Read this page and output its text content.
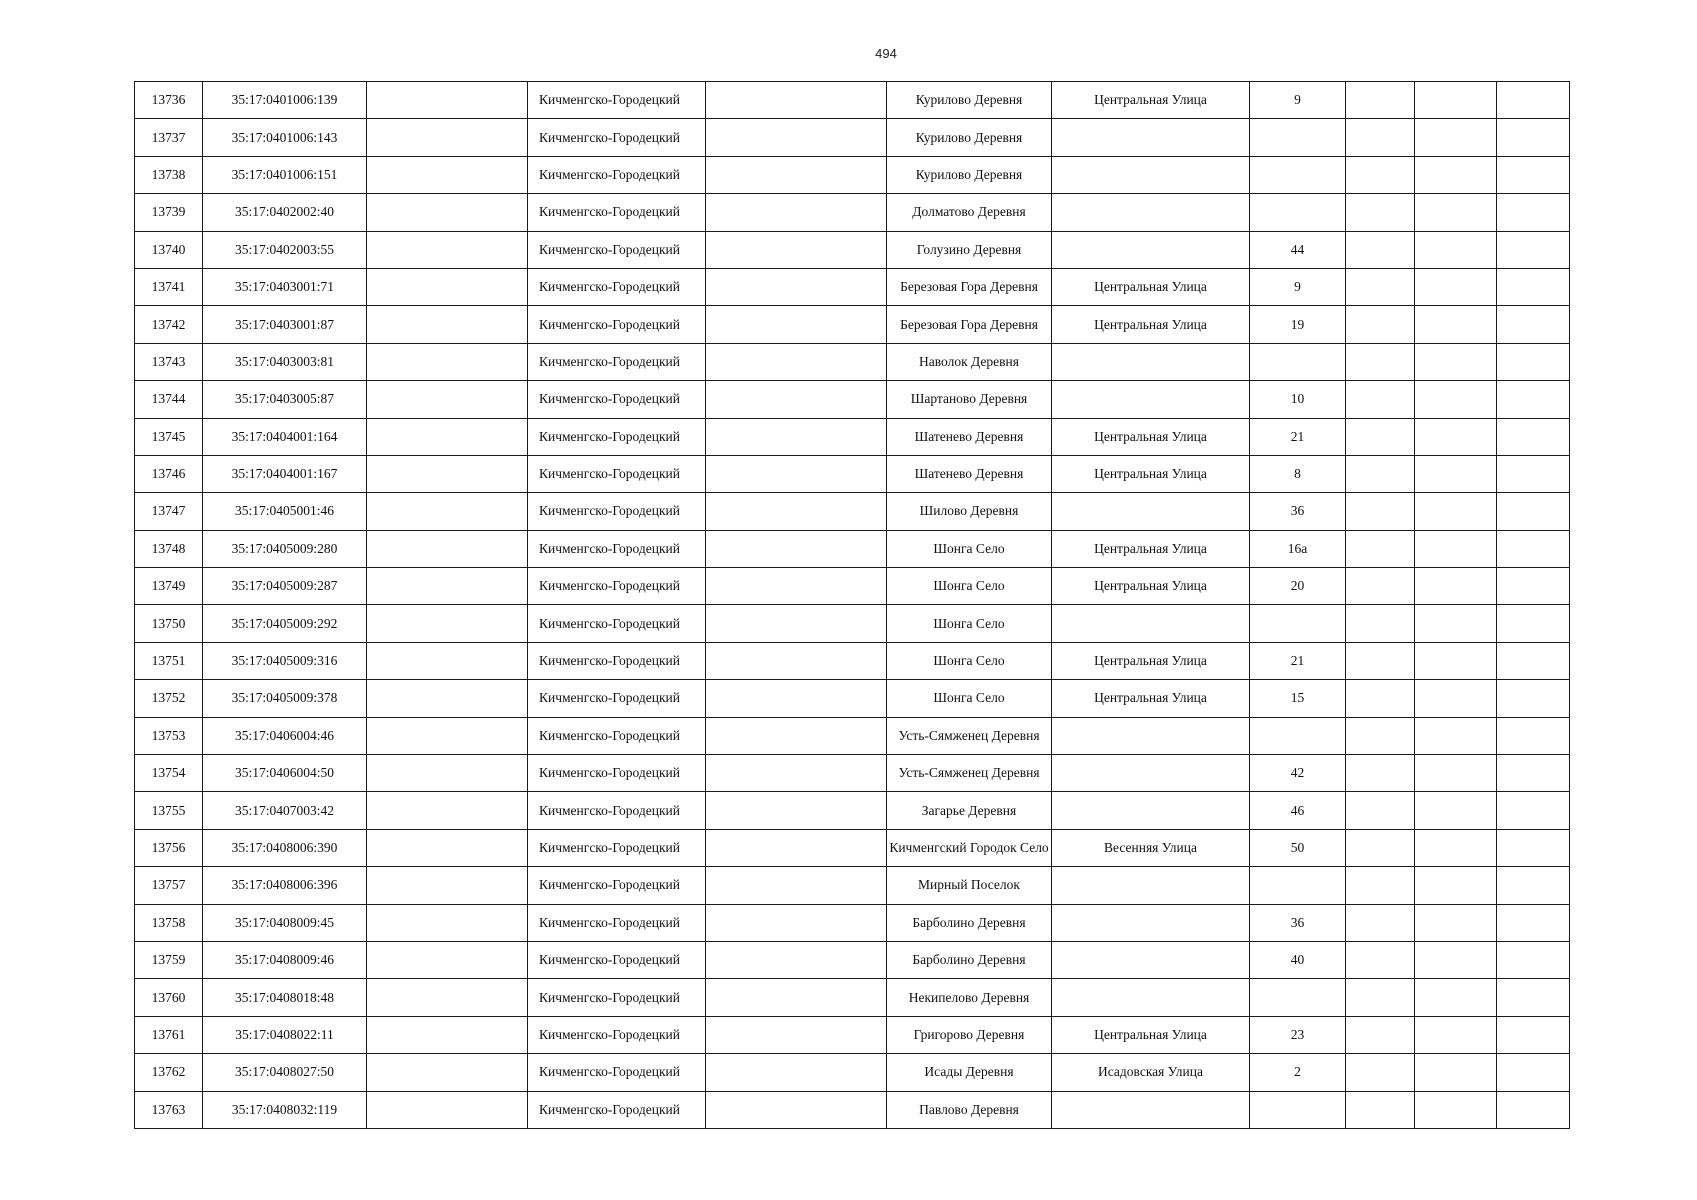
494
13736	35:17:0401006:139		Кичменгско-Городецкий		Курилово Деревня	Центральная Улица	9			
13737	35:17:0401006:143		Кичменгско-Городецкий		Курилово Деревня					
13738	35:17:0401006:151		Кичменгско-Городецкий		Курилово Деревня					
13739	35:17:0402002:40		Кичменгско-Городецкий		Долматово Деревня					
13740	35:17:0402003:55		Кичменгско-Городецкий		Голузино Деревня		44			
13741	35:17:0403001:71		Кичменгско-Городецкий		Березовая Гора Деревня	Центральная Улица	9			
13742	35:17:0403001:87		Кичменгско-Городецкий		Березовая Гора Деревня	Центральная Улица	19			
13743	35:17:0403003:81		Кичменгско-Городецкий		Наволок Деревня					
13744	35:17:0403005:87		Кичменгско-Городецкий		Шартаново Деревня		10			
13745	35:17:0404001:164		Кичменгско-Городецкий		Шатенево Деревня	Центральная Улица	21			
13746	35:17:0404001:167		Кичменгско-Городецкий		Шатенево Деревня	Центральная Улица	8			
13747	35:17:0405001:46		Кичменгско-Городецкий		Шилово Деревня		36			
13748	35:17:0405009:280		Кичменгско-Городецкий		Шонга Село	Центральная Улица	16а			
13749	35:17:0405009:287		Кичменгско-Городецкий		Шонга Село	Центральная Улица	20			
13750	35:17:0405009:292		Кичменгско-Городецкий		Шонга Село					
13751	35:17:0405009:316		Кичменгско-Городецкий		Шонга Село	Центральная Улица	21			
13752	35:17:0405009:378		Кичменгско-Городецкий		Шонга Село	Центральная Улица	15			
13753	35:17:0406004:46		Кичменгско-Городецкий		Усть-Сямженец Деревня					
13754	35:17:0406004:50		Кичменгско-Городецкий		Усть-Сямженец Деревня		42			
13755	35:17:0407003:42		Кичменгско-Городецкий		Загарье Деревня		46			
13756	35:17:0408006:390		Кичменгско-Городецкий		Кичменгский Городок Село	Весенняя Улица	50			
13757	35:17:0408006:396		Кичменгско-Городецкий		Мирный Поселок					
13758	35:17:0408009:45		Кичменгско-Городецкий		Барболино Деревня		36			
13759	35:17:0408009:46		Кичменгско-Городецкий		Барболино Деревня		40			
13760	35:17:0408018:48		Кичменгско-Городецкий		Некипелово Деревня					
13761	35:17:0408022:11		Кичменгско-Городецкий		Григорово Деревня	Центральная Улица	23			
13762	35:17:0408027:50		Кичменгско-Городецкий		Исады Деревня	Исадовская Улица	2			
13763	35:17:0408032:119		Кичменгско-Городецкий		Павлово Деревня					
